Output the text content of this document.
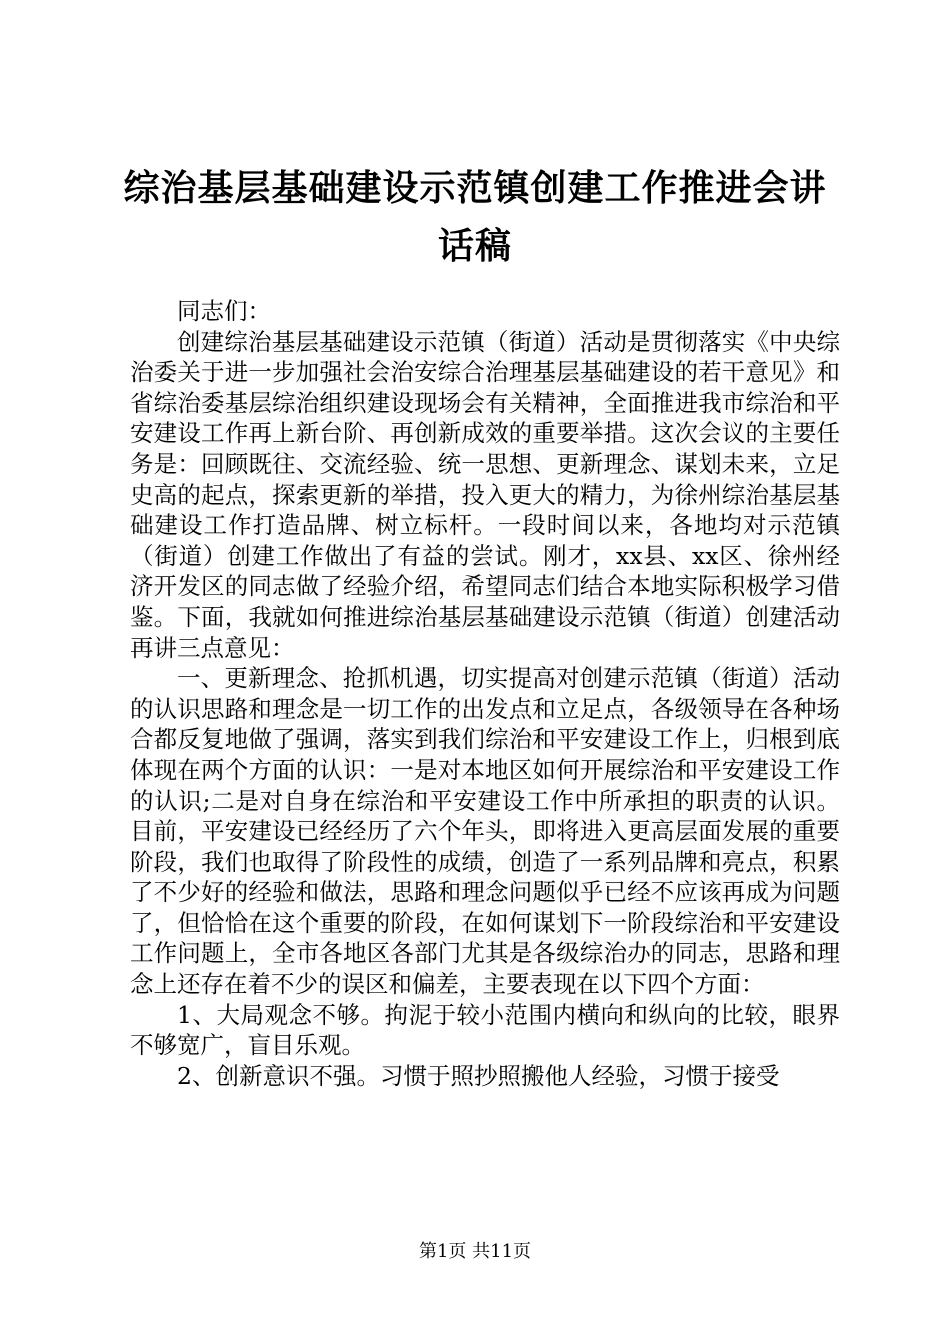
综治基层基础建设示范镇创建工作推进会讲话稿

同志们：

创建综治基层基础建设示范镇（街道）活动是贯彻落实《中央综治委关于进一步加强社会治安综合治理基层基础建设的若干意见》和省综治委基层综治组织建设现场会有关精神，全面推进我市综治和平安建设工作再上新台阶、再创新成效的重要举措。这次会议的主要任务是：回顾既往、交流经验、统一思想、更新理念、谋划未来，立足史高的起点，探索更新的举措，投入更大的精力，为徐州综治基层基础建设工作打造品牌、树立标杆。一段时间以来，各地均对示范镇（街道）创建工作做出了有益的尝试。刚才，xx县、xx区、徐州经济开发区的同志做了经验介绍，希望同志们结合本地实际积极学习借鉴。下面，我就如何推进综治基层基础建设示范镇（街道）创建活动再讲三点意见：

一、更新理念、抢抓机遇，切实提高对创建示范镇（街道）活动的认识思路和理念是一切工作的出发点和立足点，各级领导在各种场合都反复地做了强调，落实到我们综治和平安建设工作上，归根到底体现在两个方面的认识：一是对本地区如何开展综治和平安建设工作的认识;二是对自身在综治和平安建设工作中所承担的职责的认识。目前，平安建设已经经历了六个年头，即将进入更高层面发展的重要阶段，我们也取得了阶段性的成绩，创造了一系列品牌和亮点，积累了不少好的经验和做法，思路和理念问题似乎已经不应该再成为问题了，但恰恰在这个重要的阶段，在如何谋划下一阶段综治和平安建设工作问题上，全市各地区各部门尤其是各级综治办的同志，思路和理念上还存在着不少的误区和偏差，主要表现在以下四个方面：

1、大局观念不够。拘泥于较小范围内横向和纵向的比较，眼界不够宽广，盲目乐观。

2、创新意识不强。习惯于照抄照搬他人经验，习惯于接受

第1页 共11页
